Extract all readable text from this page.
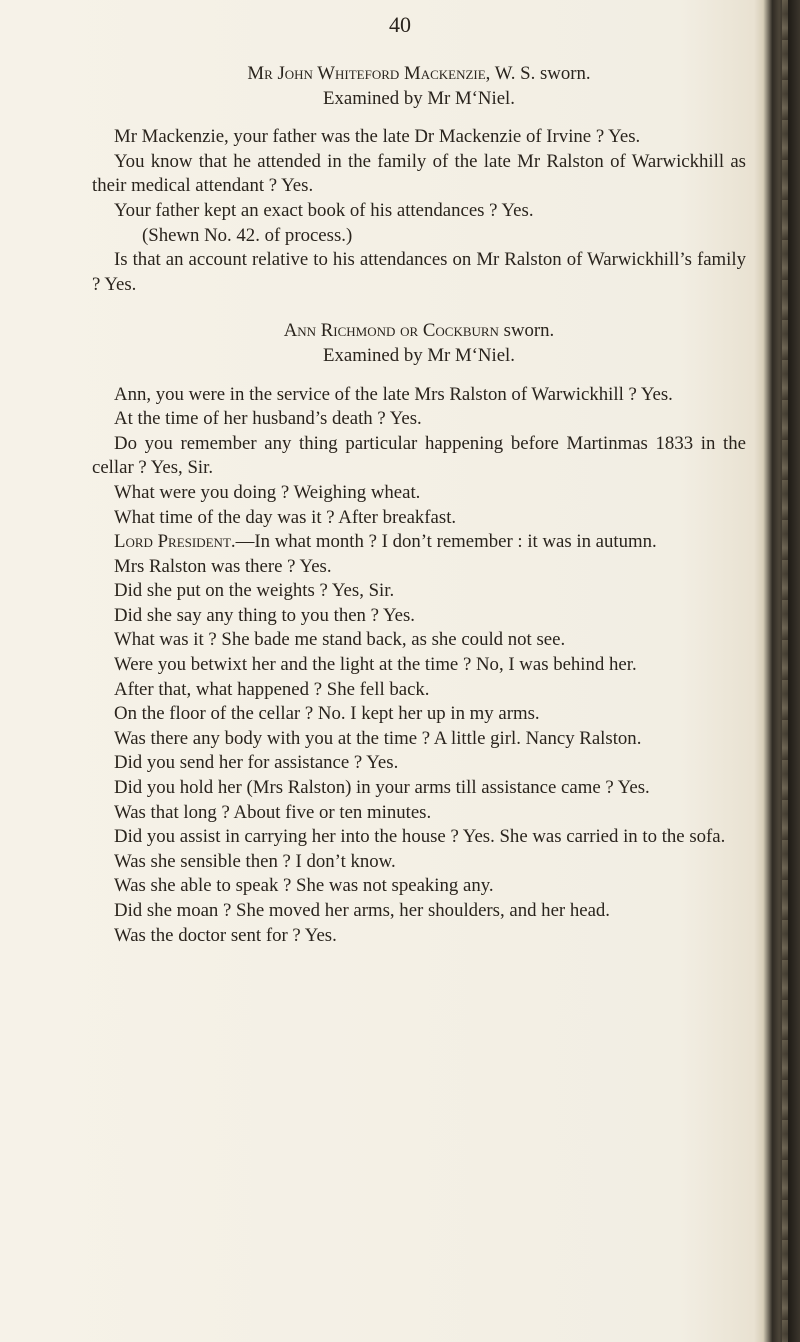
40
Mr John Whiteford Mackenzie, W. S. sworn.
Examined by Mr M‘Niel.

Mr Mackenzie, your father was the late Dr Mackenzie of Irvine ? Yes.

You know that he attended in the family of the late Mr Ralston of Warwickhill as their medical attendant ? Yes.

Your father kept an exact book of his attendances ? Yes.

(Shewn No. 42. of process.)

Is that an account relative to his attendances on Mr Ralston of Warwickhill’s family ? Yes.

Ann Richmond or Cockburn sworn.
Examined by Mr M‘Niel.

Ann, you were in the service of the late Mrs Ralston of Warwickhill ? Yes.

At the time of her husband’s death ? Yes.

Do you remember any thing particular happening before Martinmas 1833 in the cellar ? Yes, Sir.

What were you doing ? Weighing wheat.

What time of the day was it ? After breakfast.

Lord President.—In what month ? I don’t remember : it was in autumn.

Mrs Ralston was there ? Yes.

Did she put on the weights ? Yes, Sir.

Did she say any thing to you then ? Yes.

What was it ? She bade me stand back, as she could not see.

Were you betwixt her and the light at the time ? No, I was behind her.

After that, what happened ? She fell back.

On the floor of the cellar ? No. I kept her up in my arms.

Was there any body with you at the time ? A little girl. Nancy Ralston.

Did you send her for assistance ? Yes.

Did you hold her (Mrs Ralston) in your arms till assistance came ? Yes.

Was that long ? About five or ten minutes.

Did you assist in carrying her into the house ? Yes. She was carried in to the sofa.

Was she sensible then ? I don’t know.

Was she able to speak ? She was not speaking any.

Did she moan ? She moved her arms, her shoulders, and her head.

Was the doctor sent for ? Yes.
